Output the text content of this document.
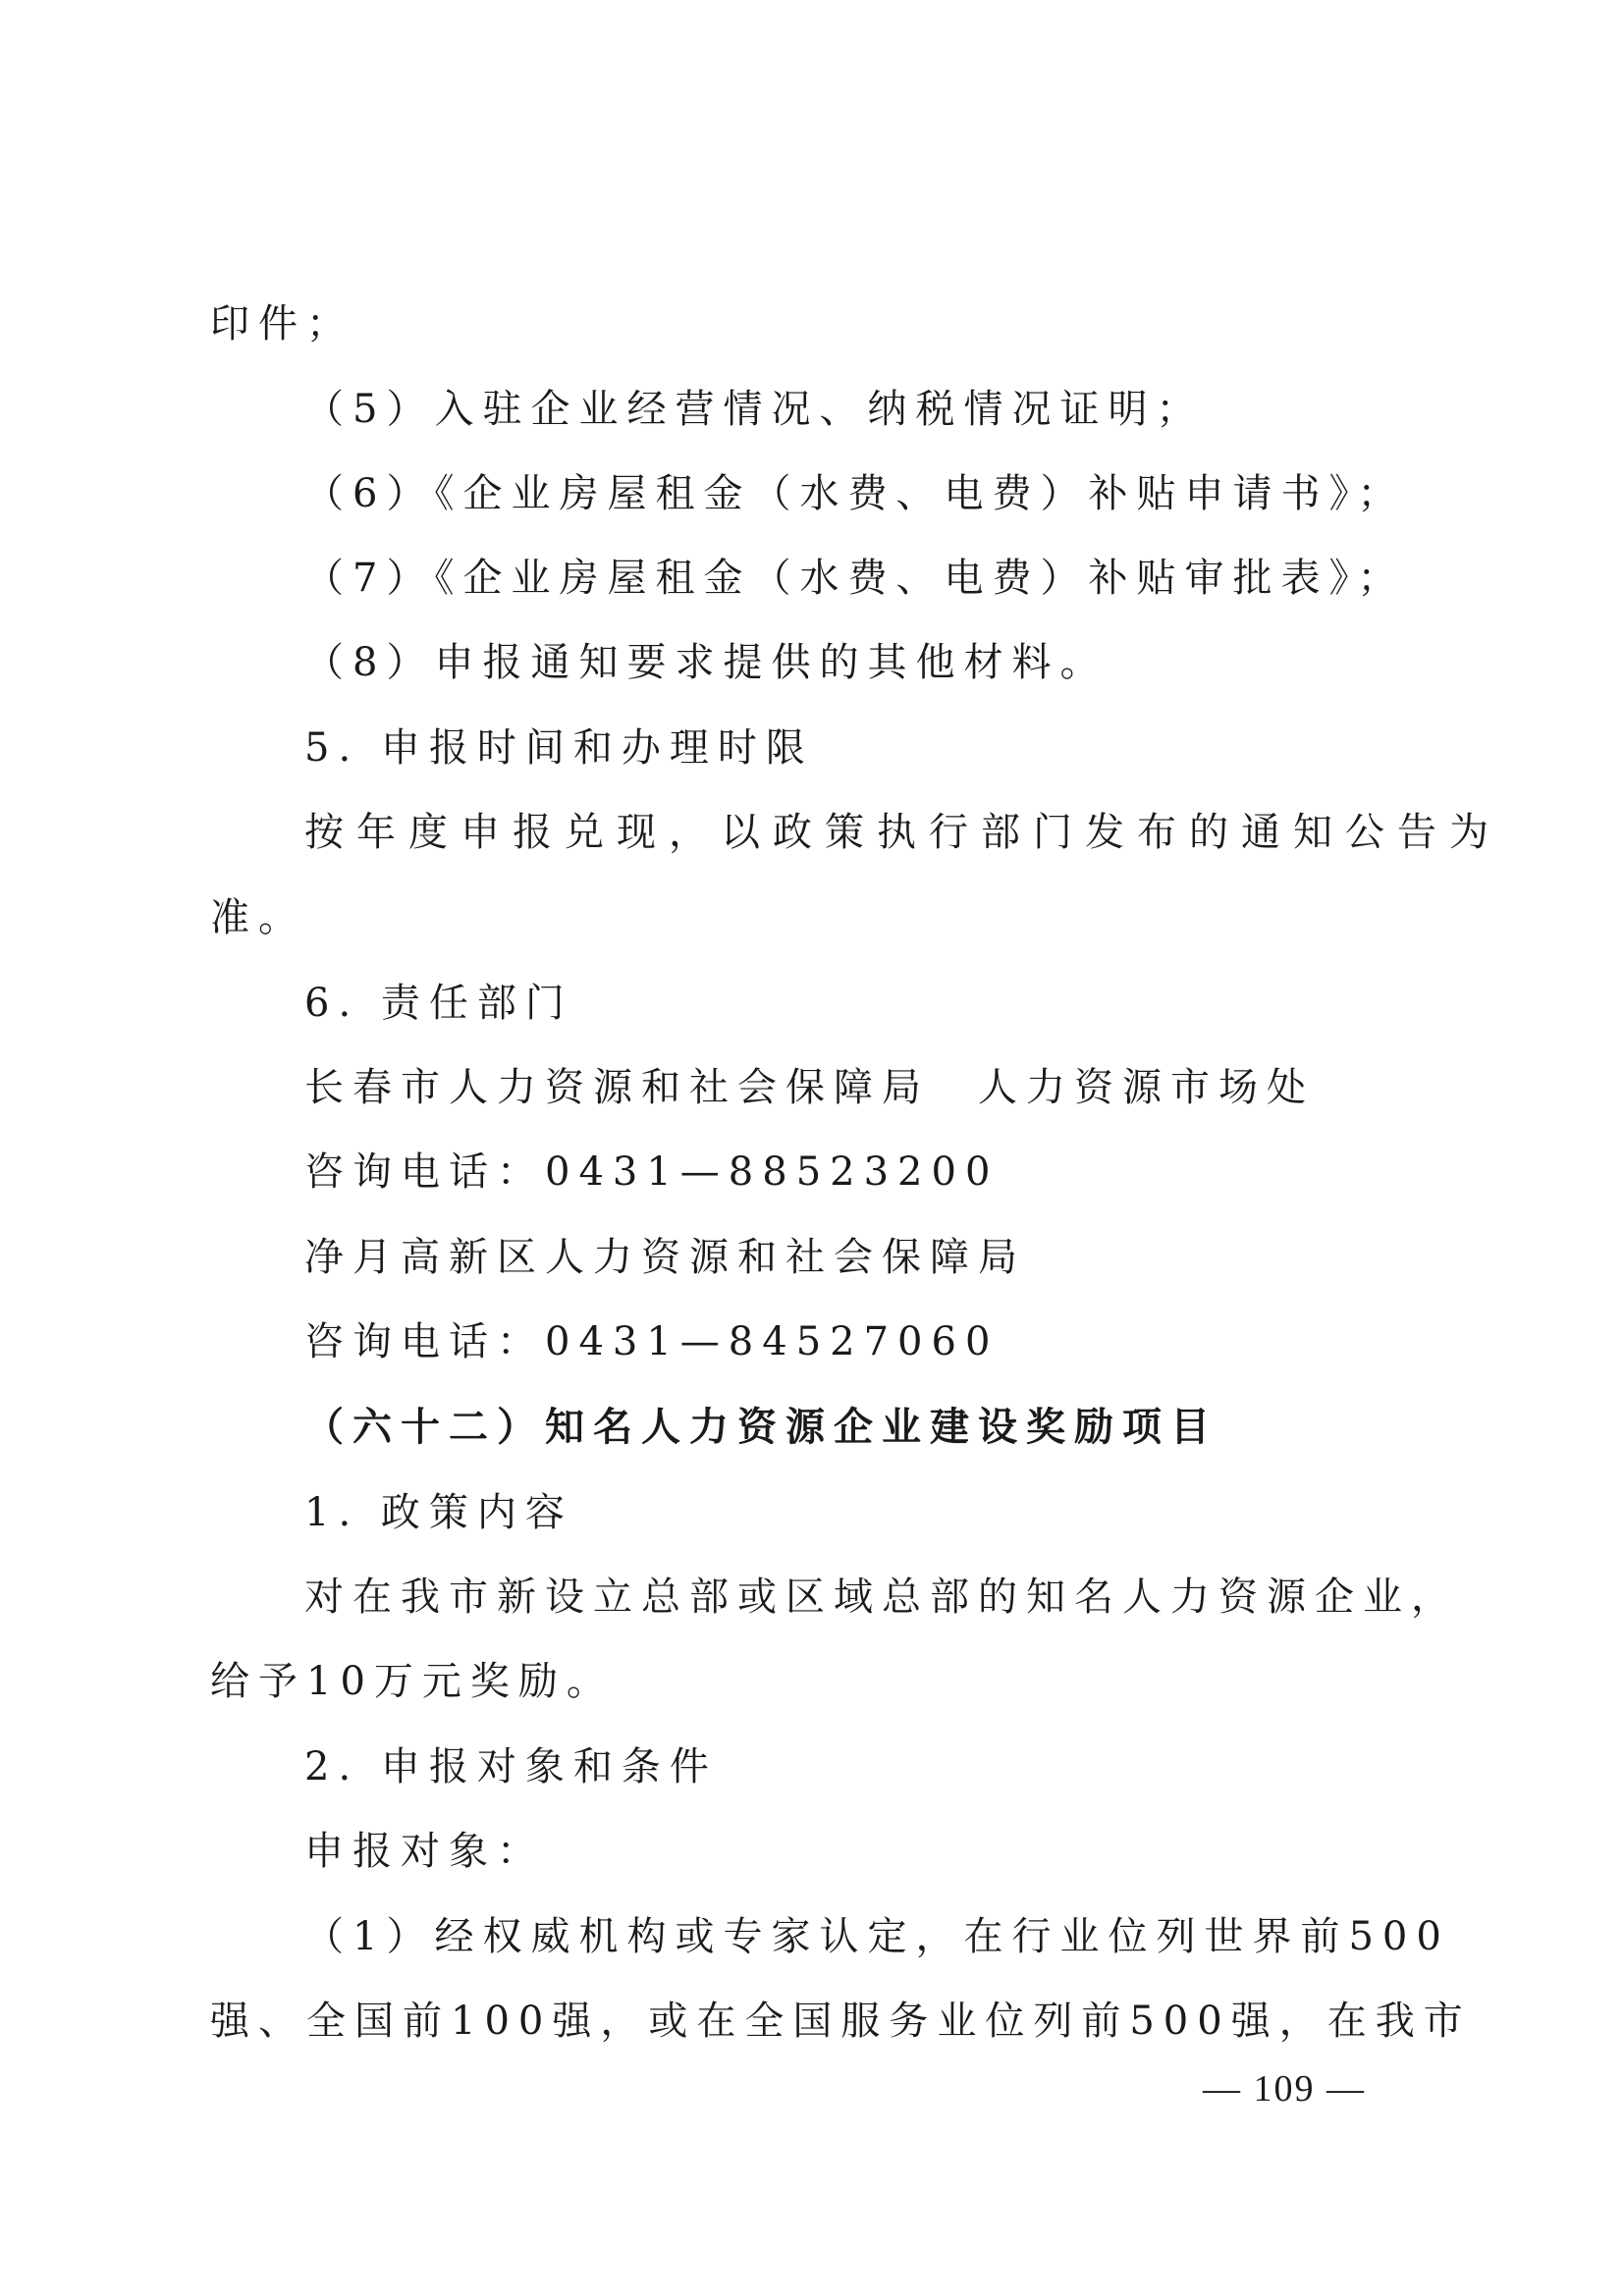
印件；
（5）入驻企业经营情况、纳税情况证明；
（6）《企业房屋租金（水费、电费）补贴申请书》；
（7）《企业房屋租金（水费、电费）补贴审批表》；
（8）申报通知要求提供的其他材料。
5. 申报时间和办理时限
按年度申报兑现，以政策执行部门发布的通知公告为
准。
6. 责任部门
长春市人力资源和社会保障局　人力资源市场处
咨询电话：0431—88523200
净月高新区人力资源和社会保障局
咨询电话：0431—84527060
（六十二）知名人力资源企业建设奖励项目
1. 政策内容
对在我市新设立总部或区域总部的知名人力资源企业，
给予10万元奖励。
2. 申报对象和条件
申报对象：
（1）经权威机构或专家认定，在行业位列世界前500
强、全国前100强，或在全国服务业位列前500强，在我市
— 109 —
